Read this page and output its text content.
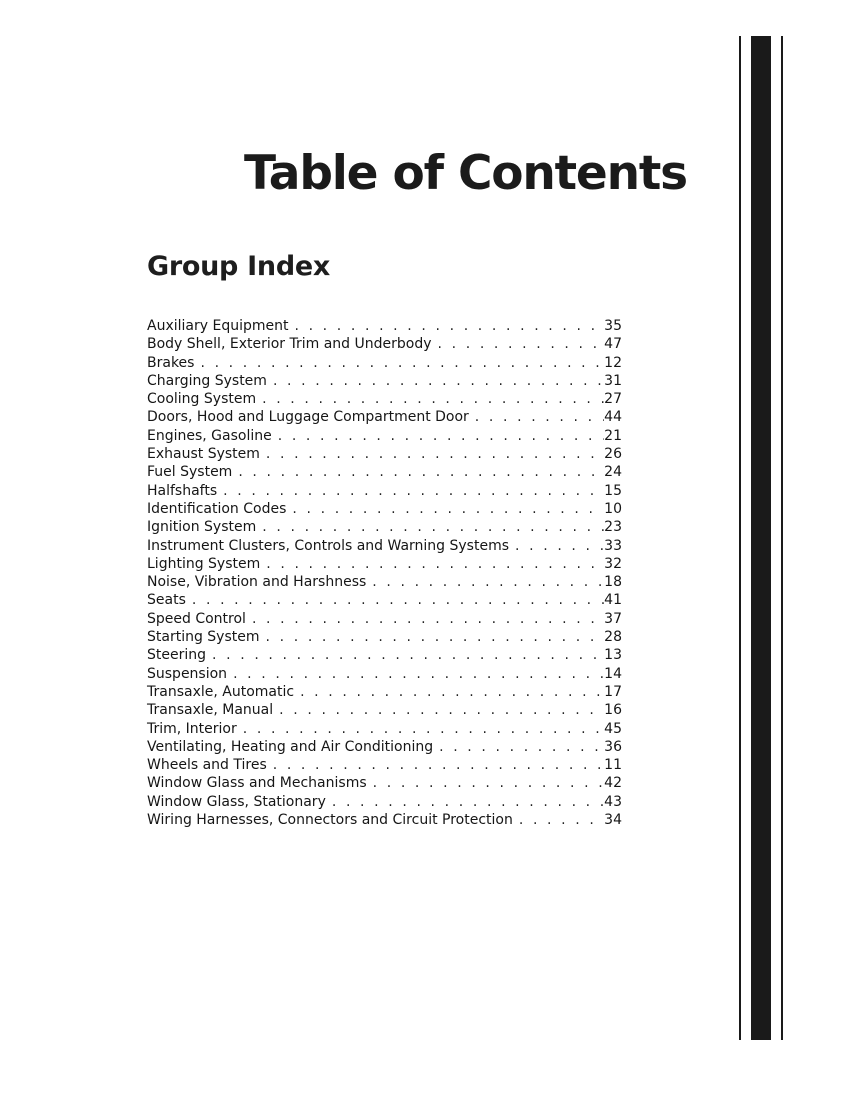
Table of Contents
Group Index
Auxiliary Equipment . . .	35
Body Shell, Exterior Trim and Underbody . . .	47
Brakes . . .	12
Charging System . . .	31
Cooling System . . .	27
Doors, Hood and Luggage Compartment Door . . .	44
Engines, Gasoline . . .	21
Exhaust System . . .	26
Fuel System . . .	24
Halfshafts . . .	15
Identification Codes . . .	10
Ignition System . . .	23
Instrument Clusters, Controls and Warning Systems . . .	33
Lighting System . . .	32
Noise, Vibration and Harshness . . .	18
Seats . . .	41
Speed Control . . .	37
Starting System . . .	28
Steering . . .	13
Suspension . . .	14
Transaxle, Automatic . . .	17
Transaxle, Manual . . .	16
Trim, Interior . . .	45
Ventilating, Heating and Air Conditioning . . .	36
Wheels and Tires . . .	11
Window Glass and Mechanisms . . .	42
Window Glass, Stationary . . .	43
Wiring Harnesses, Connectors and Circuit Protection . . .	34
